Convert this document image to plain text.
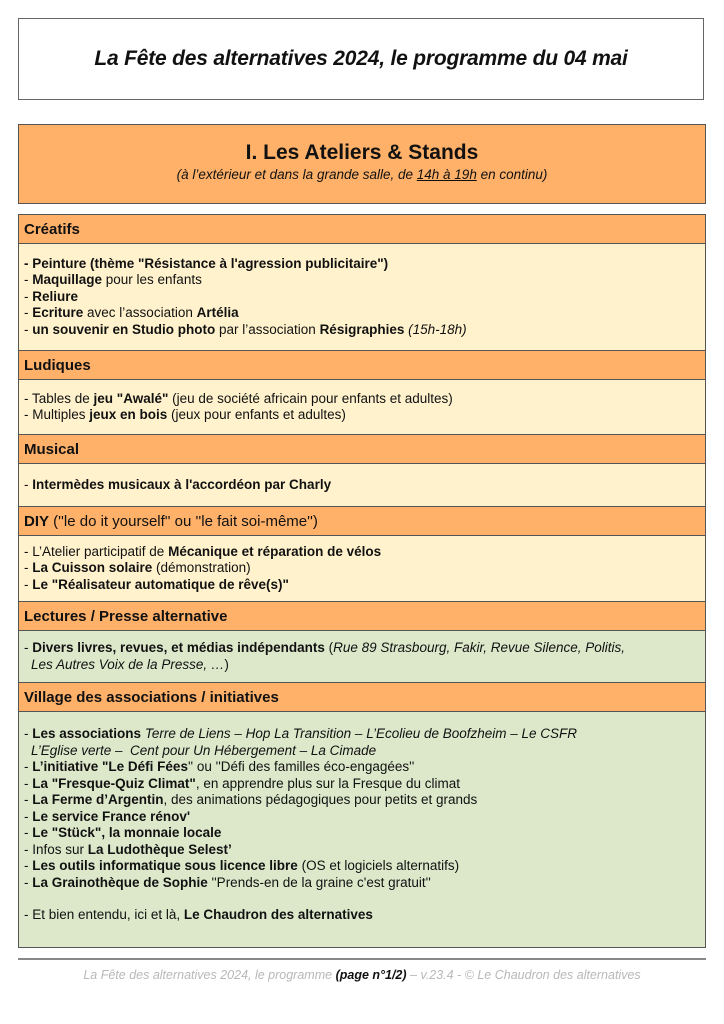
La Fête des alternatives 2024, le programme du 04 mai
I. Les Ateliers & Stands
(à l’extérieur et dans la grande salle, de 14h à 19h en continu)
Créatifs
- Peinture (thème "Résistance à l'agression publicitaire")
- Maquillage pour les enfants
- Reliure
- Ecriture avec l’association Artélia
- un souvenir en Studio photo par l’association Résigraphies (15h-18h)
Ludiques
- Tables de jeu "Awalé" (jeu de société africain pour enfants et adultes)
- Multiples jeux en bois (jeux pour enfants et adultes)
Musical
- Intermèdes musicaux à l'accordéon par Charly
DIY (''le do it yourself'' ou ''le fait soi-même'')
- L’Atelier participatif de Mécanique et réparation de vélos
- La Cuisson solaire (démonstration)
- Le "Réalisateur automatique de rêve(s)"
Lectures / Presse alternative
- Divers livres, revues, et médias indépendants (Rue 89 Strasbourg, Fakir, Revue Silence, Politis,
Les Autres Voix de la Presse, …)
Village des associations / initiatives
- Les associations Terre de Liens – Hop La Transition – L’Ecolieu de Boofzheim – Le CSFR
L’Eglise verte –  Cent pour Un Hébergement – La Cimade
- L’initiative "Le Défi Fées'' ou ''Défi des familles éco-engagées''
- La "Fresque-Quiz Climat", en apprendre plus sur la Fresque du climat
- La Ferme d’Argentin, des animations pédagogiques pour petits et grands
- Le service France rénov'
- Le "Stück", la monnaie locale
- Infos sur La Ludothèque Selest’
- Les outils informatique sous licence libre (OS et logiciels alternatifs)
- La Grainothèque de Sophie ''Prends-en de la graine c'est gratuit''
- Et bien entendu, ici et là, Le Chaudron des alternatives
La Fête des alternatives 2024, le programme (page n°1/2) – v.23.4 - © Le Chaudron des alternatives
